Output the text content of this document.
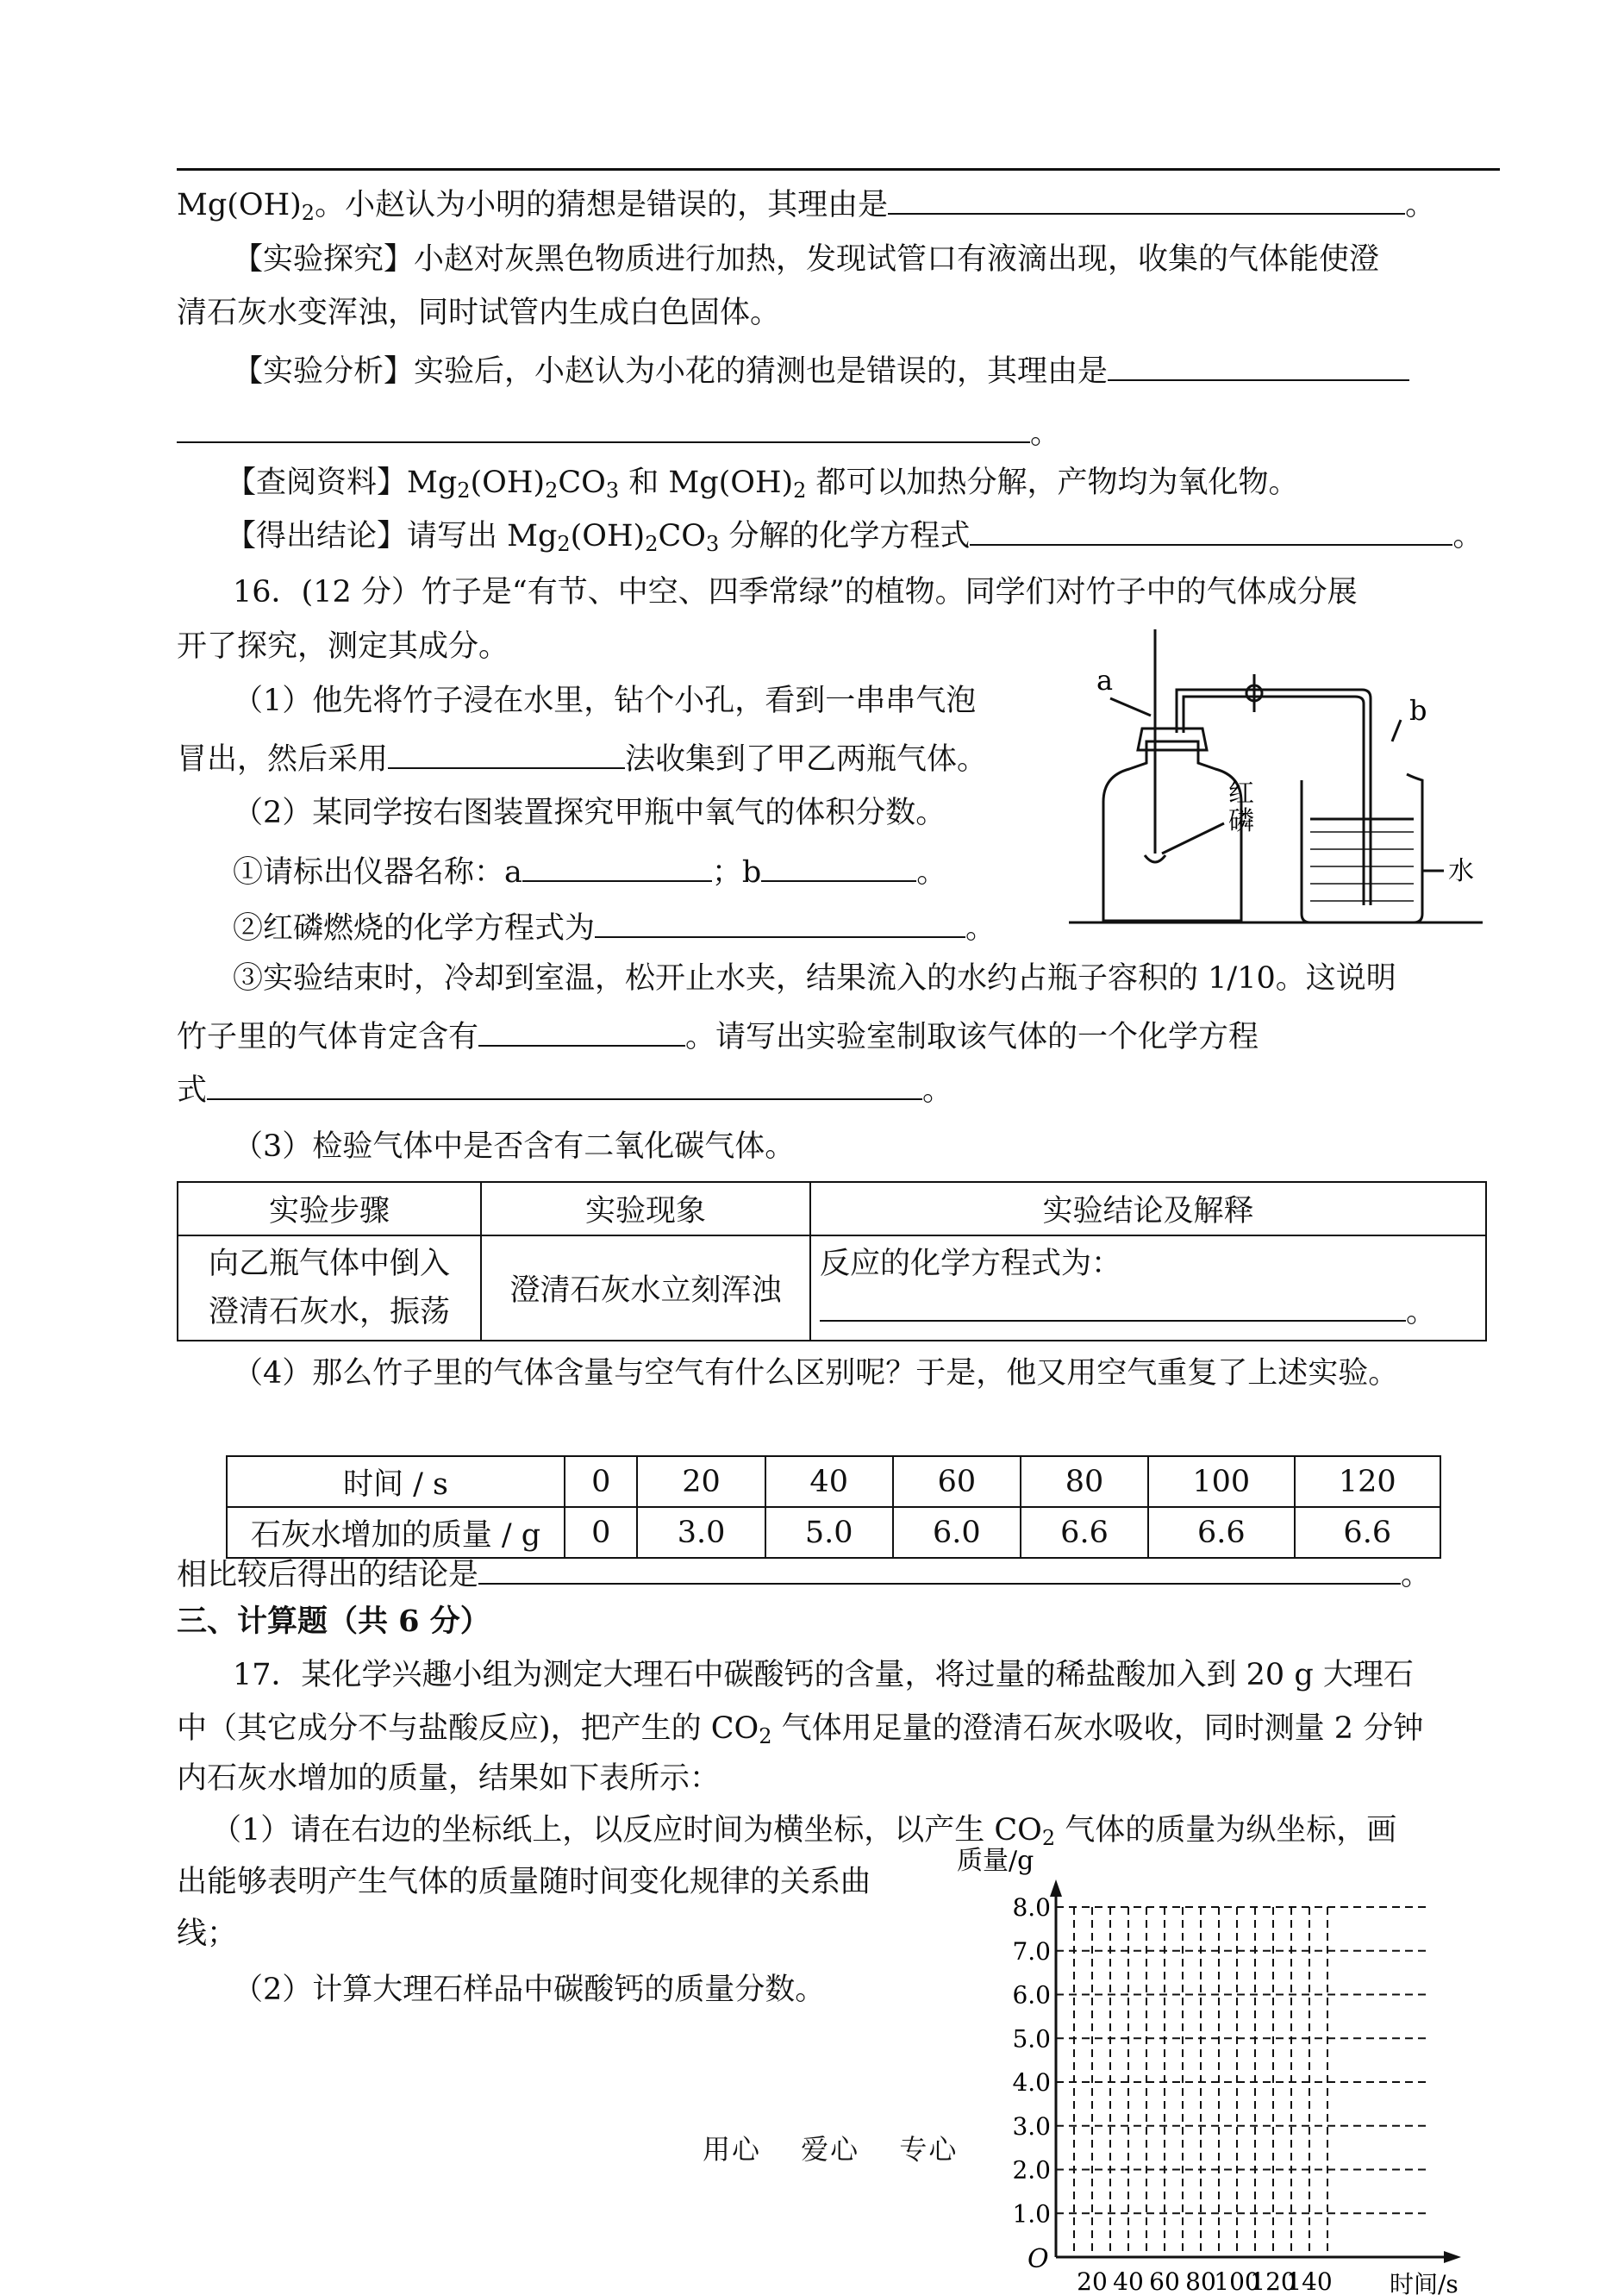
$Mg(OH)_2$。小赵认为小明的猜想是错误的，其理由是	。
【实验探究】小赵对灰黑色物质进行加热，发现试管口有液滴出现，收集的气体能使澄
清石灰水变浑浊，同时试管内生成白色固体。
【实验分析】实验后，小赵认为小花的猜测也是错误的，其理由是
。
【查阅资料】$Mg_2(OH)_2CO_3$ 和 $Mg(OH)_2$ 都可以加热分解，产物均为氧化物。
【得出结论】请写出 $Mg_2(OH)_2CO_3$ 分解的化学方程式	。
16．(12 分）竹子是“有节、中空、四季常绿”的植物。同学们对竹子中的气体成分展
开了探究，测定其成分。
（1）他先将竹子浸在水里，钻个小孔，看到一串串气泡
冒出，然后采用	法收集到了甲乙两瓶气体。
（2）某同学按右图装置探究甲瓶中氧气的体积分数。
①请标出仪器名称：a	；b	。
②红磷燃烧的化学方程式为	。
③实验结束时，冷却到室温，松开止水夹，结果流入的水约占瓶子容积的 1/10。这说明
竹子里的气体肯定含有	。请写出实验室制取该气体的一个化学方程
式	。
（3）检验气体中是否含有二氧化碳气体。
实验步骤	实验现象	实验结论及解释
向乙瓶气体中倒入
澄清石灰水，振荡	澄清石灰水立刻浑浊	反应的化学方程式为：
。
（4）那么竹子里的气体含量与空气有什么区别呢？于是，他又用空气重复了上述实验。
时间 / s	0	20	40	60	80	100	120
石灰水增加的质量 / g	0	3.0	5.0	6.0	6.6	6.6	6.6
相比较后得出的结论是	。
三、计算题（共 6 分）
17．某化学兴趣小组为测定大理石中碳酸钙的含量，将过量的稀盐酸加入到 20 g 大理石
中（其它成分不与盐酸反应)，把产生的 $CO_2$ 气体用足量的澄清石灰水吸收，同时测量 2 分钟
内石灰水增加的质量，结果如下表所示：
（1）请在右边的坐标纸上，以反应时间为横坐标，以产生 $CO_2$ 气体的质量为纵坐标，画
出能够表明产生气体的质量随时间变化规律的关系曲
线；
（2）计算大理石样品中碳酸钙的质量分数。
用心　 爱心　 专心
a
b
红
磷
水
质量/g
时间/s
O
8.0
7.0
6.0
5.0
4.0
3.0
2.0
1.0
20 40 60 80
100
120
140
